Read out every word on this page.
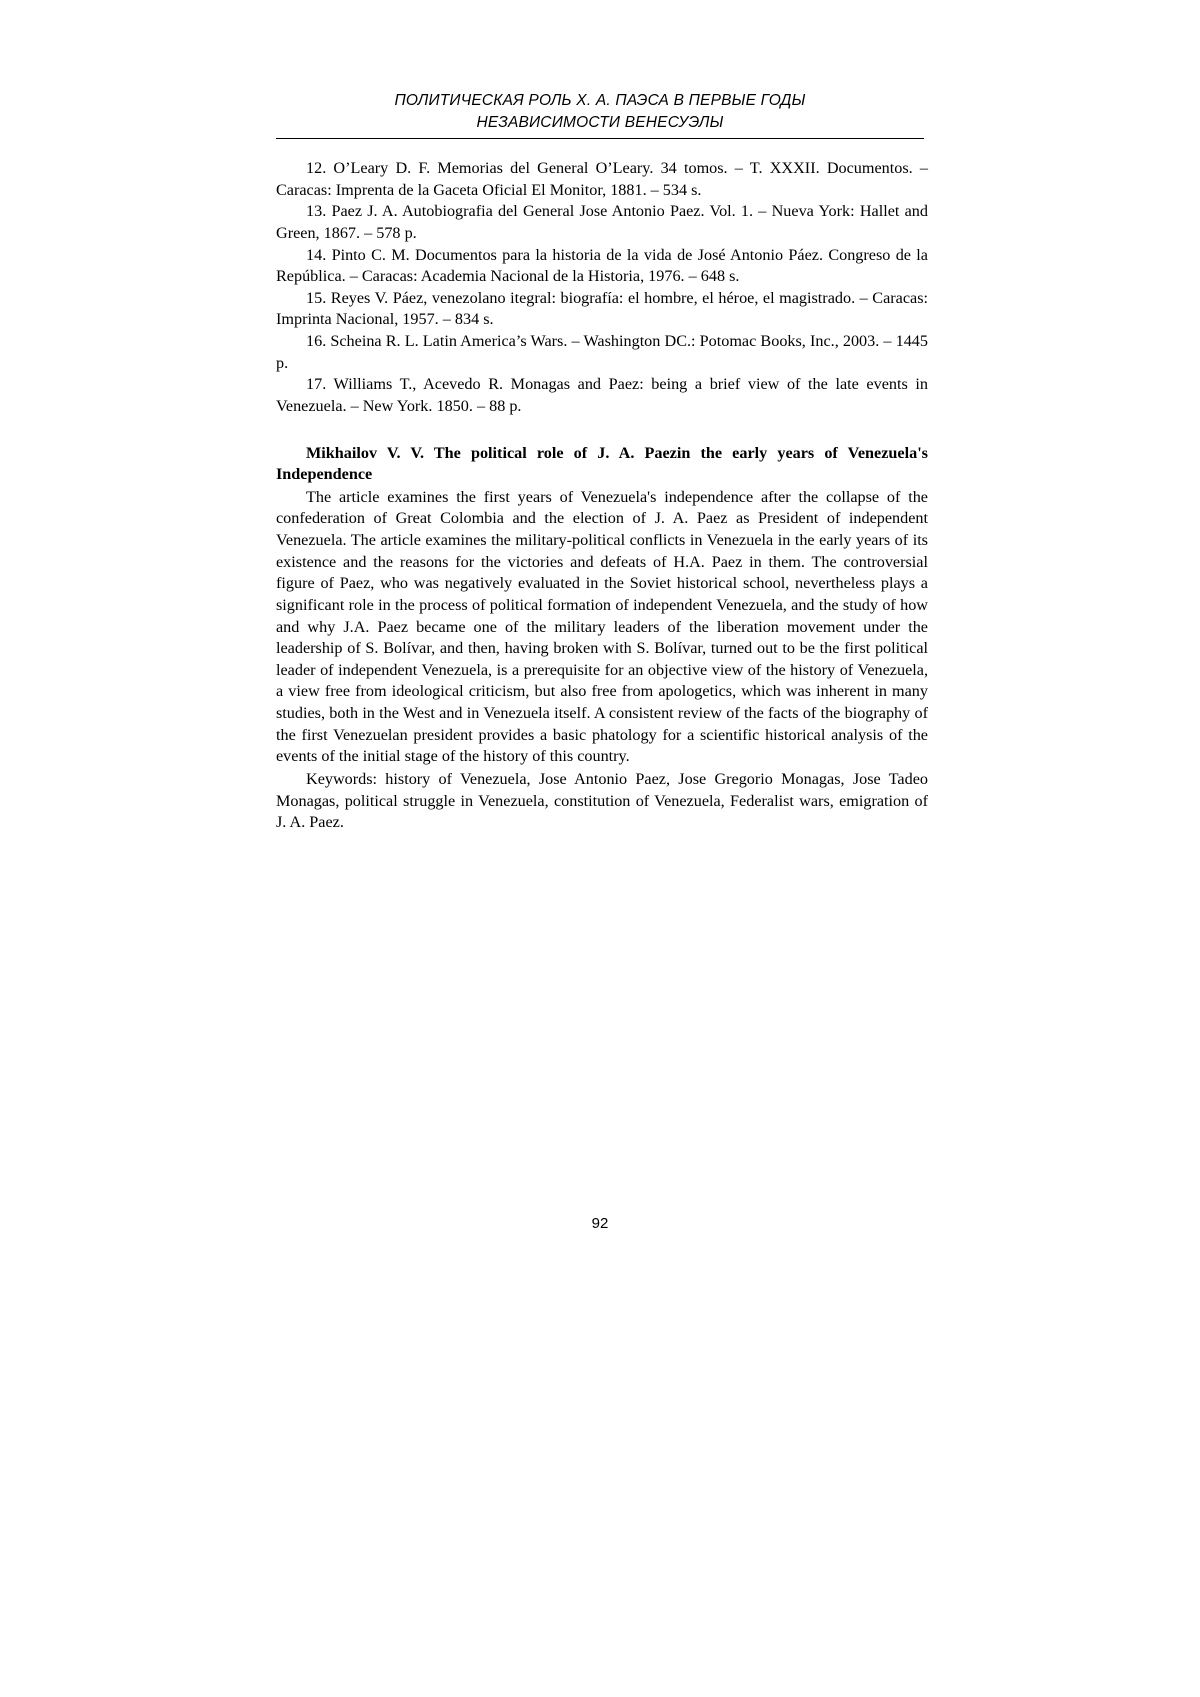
ПОЛИТИЧЕСКАЯ РОЛЬ Х. А. ПАЭСА В ПЕРВЫЕ ГОДЫ
НЕЗАВИСИМОСТИ ВЕНЕСУЭЛЫ

12. O’Leary D. F. Memorias del General O’Leary. 34 tomos. – T. XXXII. Documentos. – Caracas: Imprenta de la Gaceta Oficial El Monitor, 1881. – 534 s.

13. Paez J. A. Autobiografia del General Jose Antonio Paez. Vol. 1. – Nueva York: Hallet and Green, 1867. – 578 p.

14. Pinto C. M. Documentos para la historia de la vida de José Antonio Páez. Congreso de la República. – Caracas: Academia Nacional de la Historia, 1976. – 648 s.

15. Reyes V. Páez, venezolano itegral: biografía: el hombre, el héroe, el magistrado. – Caracas: Imprinta Nacional, 1957. – 834 s.

16. Scheina R. L. Latin America’s Wars. – Washington DC.: Potomac Books, Inc., 2003. – 1445 p.

17. Williams T., Acevedo R. Monagas and Paez: being a brief view of the late events in Venezuela. – New York. 1850. – 88 p.

Mikhailov V. V. The political role of J. A. Paezin the early years of Venezuela's Independence

The article examines the first years of Venezuela's independence after the collapse of the confederation of Great Colombia and the election of J. A. Paez as President of independent Venezuela. The article examines the military-political conflicts in Venezuela in the early years of its existence and the reasons for the victories and defeats of H.A. Paez in them. The controversial figure of Paez, who was negatively evaluated in the Soviet historical school, nevertheless plays a significant role in the process of political formation of independent Venezuela, and the study of how and why J.A. Paez became one of the military leaders of the liberation movement under the leadership of S. Bolívar, and then, having broken with S. Bolívar, turned out to be the first political leader of independent Venezuela, is a prerequisite for an objective view of the history of Venezuela, a view free from ideological criticism, but also free from apologetics, which was inherent in many studies, both in the West and in Venezuela itself. A consistent review of the facts of the biography of the first Venezuelan president provides a basic phatology for a scientific historical analysis of the events of the initial stage of the history of this country.

Keywords: history of Venezuela, Jose Antonio Paez, Jose Gregorio Monagas, Jose Tadeo Monagas, political struggle in Venezuela, constitution of Venezuela, Federalist wars, emigration of J. A. Paez.

92
